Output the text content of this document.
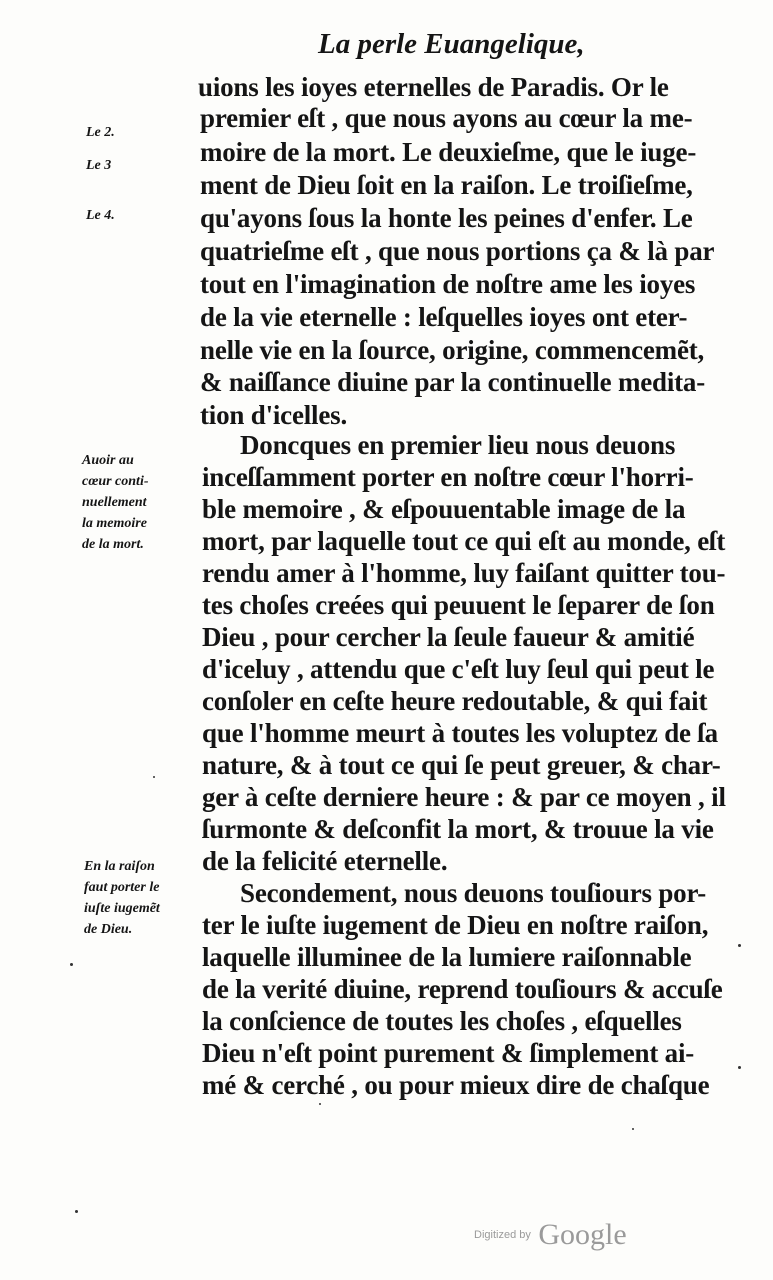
La perle Euangelique,
uions les ioyes eternelles de Paradis. Or le
premier eſt , que nous ayons au cœur la me-
moire de la mort. Le deuxieſme, que le iuge-
ment de Dieu ſoit en la raiſon. Le troiſieſme,
qu'ayons ſous la honte les peines d'enfer. Le
quatrieſme eſt , que nous portions ça & là par
tout en l'imagination de noſtre ame les ioyes
de la vie eternelle : leſquelles ioyes ont eter-
nelle vie en la ſource, origine, commencemẽt,
& naiſſance diuine par la continuelle medita-
tion d'icelles.
Doncques en premier lieu nous deuons
inceſſamment porter en noſtre cœur l'horri-
ble memoire , & eſpouuentable image de la
mort, par laquelle tout ce qui eſt au monde, eſt
rendu amer à l'homme, luy faiſant quitter tou-
tes choſes creées qui peuuent le ſeparer de ſon
Dieu , pour cercher la ſeule faueur & amitié
d'iceluy , attendu que c'eſt luy ſeul qui peut le
conſoler en ceſte heure redoutable, & qui fait
que l'homme meurt à toutes les voluptez de ſa
nature, & à tout ce qui ſe peut greuer, & char-
ger à ceſte derniere heure : & par ce moyen , il
ſurmonte & deſconfit la mort, & trouue la vie
de la felicité eternelle.
Secondement, nous deuons touſiours por-
ter le iuſte iugement de Dieu en noſtre raiſon,
laquelle illuminee de la lumiere raiſonnable
de la verité diuine, reprend touſiours & accuſe
la conſcience de toutes les choſes , eſquelles
Dieu n'eſt point purement & ſimplement ai-
mé & cerché , ou pour mieux dire de chaſque
Le 2.
Le 3
Le 4.
Auoir au
cœur conti-
nuellement
la memoire
de la mort.
En la raiſon
faut porter le
iuſte iugemẽt
de Dieu.
Digitized by Google
